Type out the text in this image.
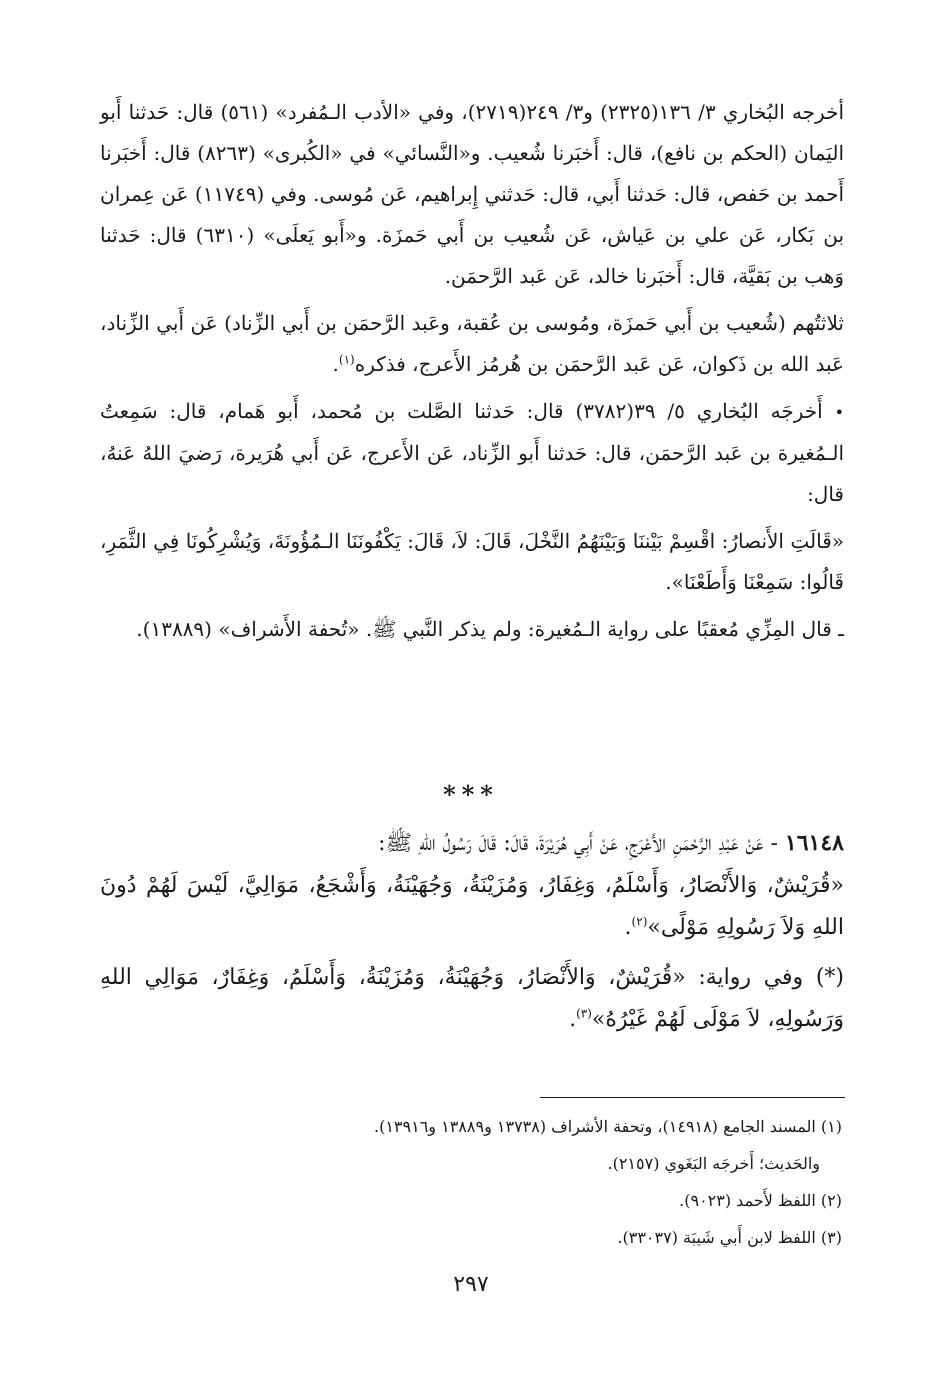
أخرجه البُخاري ٣/ ١٣٦(٢٣٢٥) و٣/ ٢٤٩(٢٧١٩)، وفي «الأدب الـمُفرد» (٥٦١) قال: حَدثنا أَبو اليَمان (الحكم بن نافع)، قال: أَخبَرنا شُعيب. و«النَّسائي» في «الكُبرى» (٨٢٦٣) قال: أَخبَرنا أَحمد بن حَفص، قال: حَدثنا أَبي، قال: حَدثني إِبراهيم، عَن مُوسى. وفي (١١٧٤٩) عَن عِمران بن بَكار، عَن علي بن عَياش، عَن شُعيب بن أَبي حَمزَة. و«أَبو يَعلَى» (٦٣١٠) قال: حَدثنا وَهب بن بَقيَّة، قال: أَخبَرنا خالد، عَن عَبد الرَّحمَن.

ثلاثتُهم (شُعيب بن أَبي حَمزَة، ومُوسى بن عُقبة، وعَبد الرَّحمَن بن أَبي الزِّناد) عَن أَبي الزِّناد، عَبد الله بن ذَكوان، عَن عَبد الرَّحمَن بن هُرمُز الأَعرج، فذكره$^{(١)}$.

• أَخرجَه البُخاري ٥/ ٣٩(٣٧٨٢) قال: حَدثنا الصَّلت بن مُحمد، أَبو هَمام، قال: سَمِعتُ الـمُغيرة بن عَبد الرَّحمَن، قال: حَدثنا أَبو الزِّناد، عَن الأَعرج، عَن أَبي هُرَيرة، رَضيَ اللهُ عَنهُ، قال:

«قَالَتِ الأَنصارُ: اقْسِمْ بَيْننَا وَبَيْنَهُمُ النَّخْلَ، قَالَ: لاَ، قَالَ: يَكْفُونَنَا الـمُؤُونَةَ، وَيُشْرِكُونَا فِي الثَّمَرِ، قَالُوا: سَمِعْنَا وَأَطَعْنَا».

ـ قال المِزِّي مُعقبًا على رواية الـمُغيرة: ولم يذكر النَّبي ﷺ. «تُحفة الأَشراف» (١٣٨٨٩).

***

١٦١٤٨ - عَنْ عَبْدِ الرَّحْمَنِ الأَعْرَجِ، عَنْ أَبِي هُرَيْرَةَ، قَالَ: قَالَ رَسُولُ اللهِ ﷺ:

«قُرَيْشٌ، وَالأَنْصَارُ، وَأَسْلَمُ، وَغِفَارُ، وَمُزَيْنَةُ، وَجُهَيْنَةُ، وَأَشْجَعُ، مَوَالِيَّ، لَيْسَ لَهُمْ دُونَ اللهِ وَلاَ رَسُولِهِ مَوْلًى»$^{(٢)}$.

(*) وفي رواية: «قُرَيْشٌ، وَالأَنْصَارُ، وَجُهَيْنَةُ، وَمُزَيْنَةُ، وَأَسْلَمُ، وَغِفَارٌ، مَوَالِي اللهِ وَرَسُولِهِ، لاَ مَوْلَى لَهُمْ غَيْرُهُ»$^{(٣)}$.

(١) المسند الجامع (١٤٩١٨)، وتحفة الأشراف (١٣٧٣٨ و١٣٨٨٩ و١٣٩١٦).

والحَديث؛ أَخرجَه البَغَوي (٢١٥٧).

(٢) اللفظ لأَحمد (٩٠٢٣).

(٣) اللفظ لابن أَبي شَيبَة (٣٣٠٣٧).

٢٩٧
